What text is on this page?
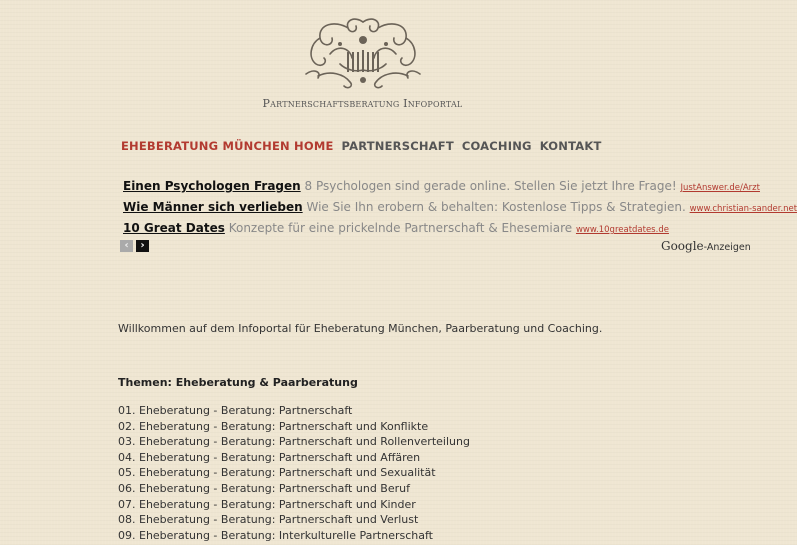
Partnerschaftsberatung Infoportal
EHEBERATUNG MÜNCHEN HOME PARTNERSCHAFT COACHING KONTAKT
Einen Psychologen Fragen 8 Psychologen sind gerade online. Stellen Sie jetzt Ihre Frage! JustAnswer.de/Arzt
Wie Männer sich verlieben Wie Sie Ihn erobern & behalten: Kostenlose Tipps & Strategien. www.christian-sander.net
10 Great Dates Konzepte für eine prickelnde Partnerschaft & Ehesemiare www.10greatdates.de
‹	›	Google-Anzeigen
Willkommen auf dem Infoportal für Eheberatung München, Paarberatung und Coaching.
Themen: Eheberatung & Paarberatung
01. Eheberatung - Beratung: Partnerschaft
02. Eheberatung - Beratung: Partnerschaft und Konflikte
03. Eheberatung - Beratung: Partnerschaft und Rollenverteilung
04. Eheberatung - Beratung: Partnerschaft und Affären
05. Eheberatung - Beratung: Partnerschaft und Sexualität
06. Eheberatung - Beratung: Partnerschaft und Beruf
07. Eheberatung - Beratung: Partnerschaft und Kinder
08. Eheberatung - Beratung: Partnerschaft und Verlust
09. Eheberatung - Beratung: Interkulturelle Partnerschaft
